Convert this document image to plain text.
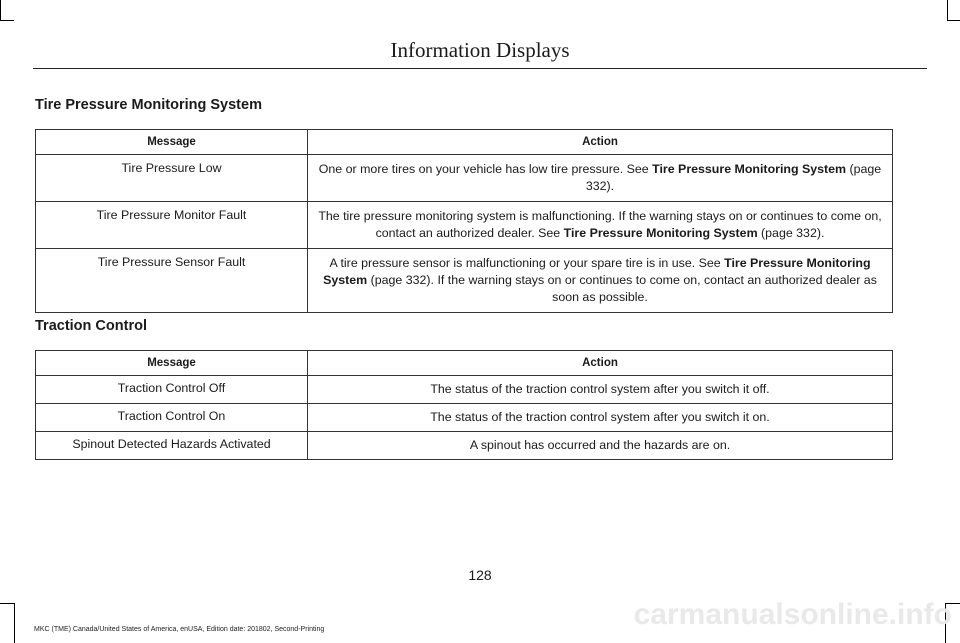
Information Displays
Tire Pressure Monitoring System
Message	Action
Tire Pressure Low	One or more tires on your vehicle has low tire pressure. See Tire Pressure Monitoring System (page 332).
Tire Pressure Monitor Fault	The tire pressure monitoring system is malfunctioning. If the warning stays on or continues to come on, contact an authorized dealer. See Tire Pressure Monitoring System (page 332).
Tire Pressure Sensor Fault	A tire pressure sensor is malfunctioning or your spare tire is in use. See Tire Pressure Monitoring System (page 332). If the warning stays on or continues to come on, contact an authorized dealer as soon as possible.
Traction Control
Message	Action
Traction Control Off	The status of the traction control system after you switch it off.
Traction Control On	The status of the traction control system after you switch it on.
Spinout Detected Hazards Activated	A spinout has occurred and the hazards are on.
128
MKC (TME) Canada/United States of America, enUSA, Edition date: 201802, Second-Printing	carmanualsonline.info
